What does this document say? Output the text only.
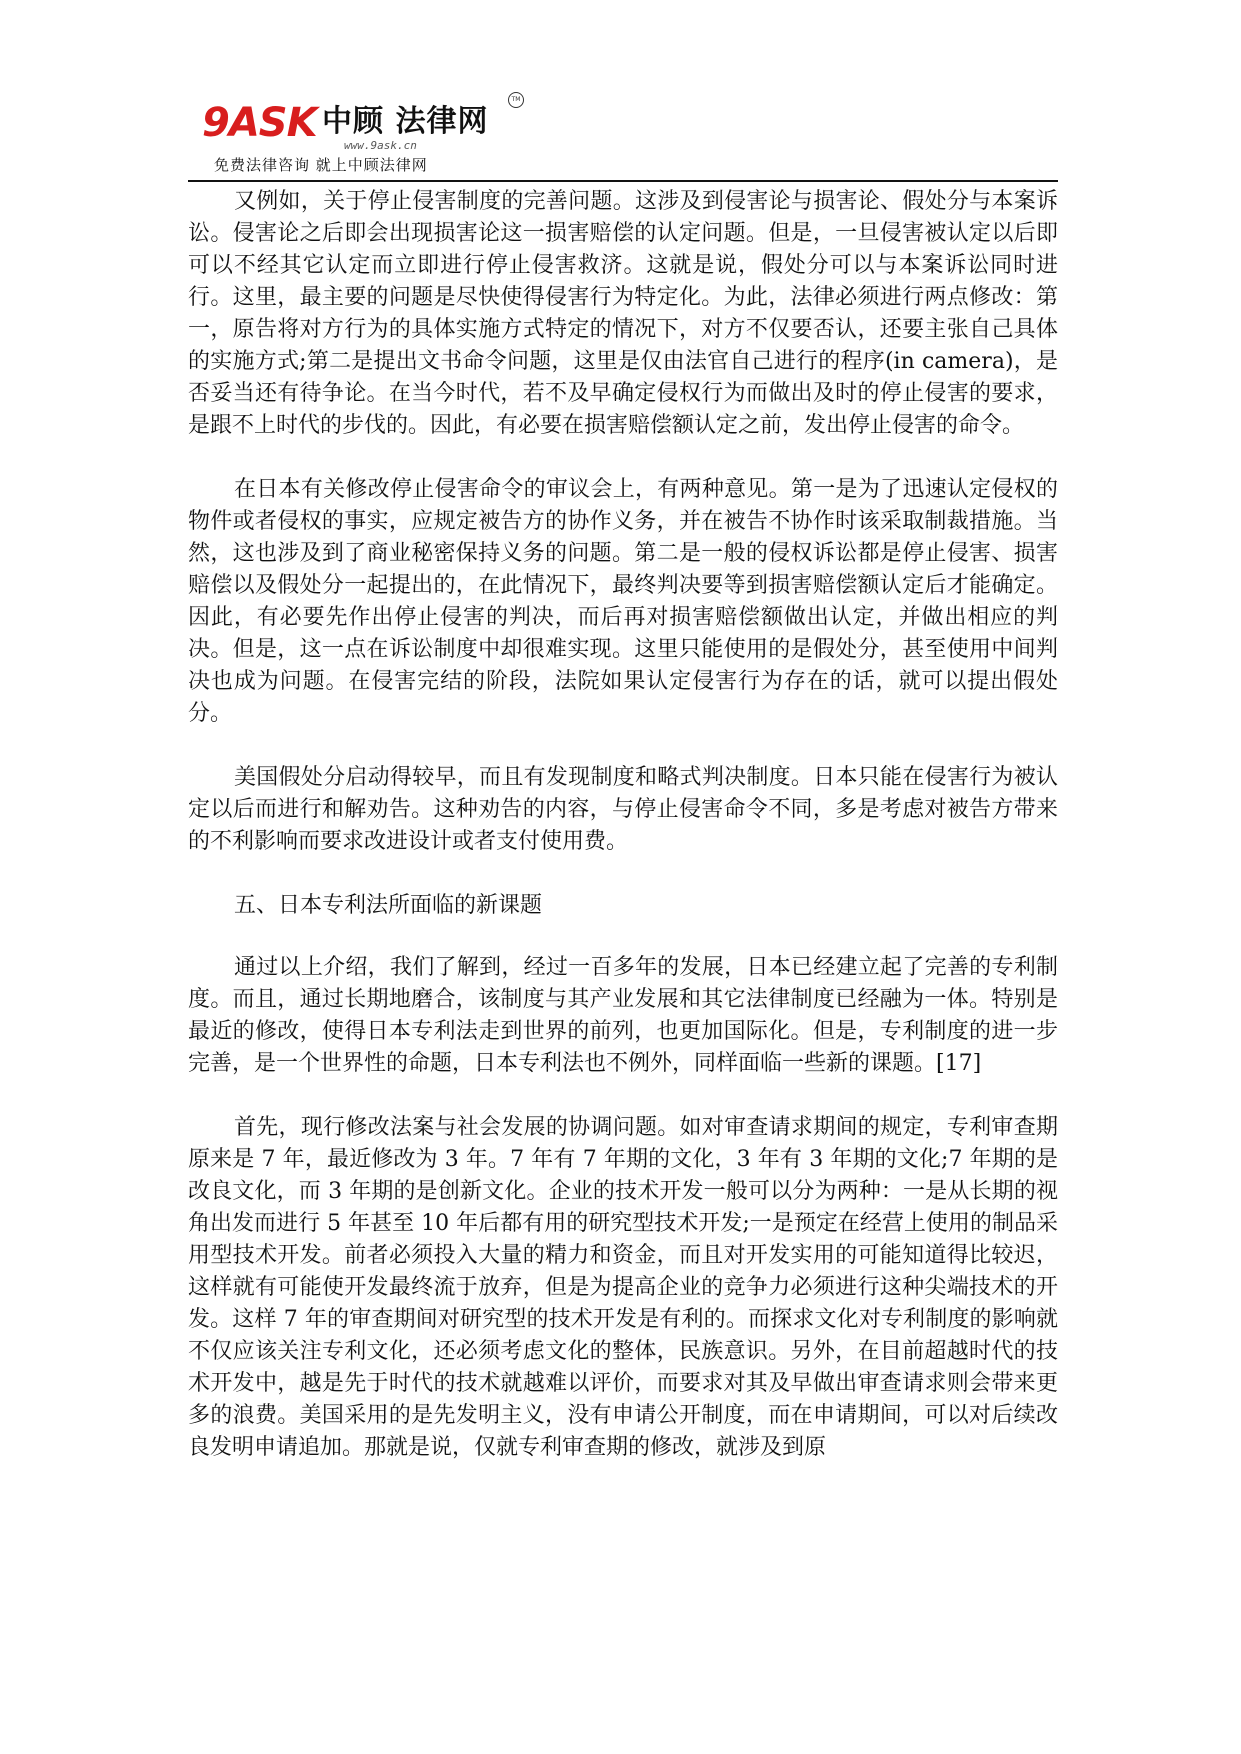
9ASK 中顾 法律网
TM
www.9ask.cn
免费法律咨询 就上中顾法律网

又例如，关于停止侵害制度的完善问题。这涉及到侵害论与损害论、假处分与本案诉讼。侵害论之后即会出现损害论这一损害赔偿的认定问题。但是，一旦侵害被认定以后即可以不经其它认定而立即进行停止侵害救济。这就是说，假处分可以与本案诉讼同时进行。这里，最主要的问题是尽快使得侵害行为特定化。为此，法律必须进行两点修改：第一，原告将对方行为的具体实施方式特定的情况下，对方不仅要否认，还要主张自己具体的实施方式;第二是提出文书命令问题，这里是仅由法官自己进行的程序(in camera)，是否妥当还有待争论。在当今时代，若不及早确定侵权行为而做出及时的停止侵害的要求，是跟不上时代的步伐的。因此，有必要在损害赔偿额认定之前，发出停止侵害的命令。

在日本有关修改停止侵害命令的审议会上，有两种意见。第一是为了迅速认定侵权的物件或者侵权的事实，应规定被告方的协作义务，并在被告不协作时该采取制裁措施。当然，这也涉及到了商业秘密保持义务的问题。第二是一般的侵权诉讼都是停止侵害、损害赔偿以及假处分一起提出的，在此情况下，最终判决要等到损害赔偿额认定后才能确定。因此，有必要先作出停止侵害的判决，而后再对损害赔偿额做出认定，并做出相应的判决。但是，这一点在诉讼制度中却很难实现。这里只能使用的是假处分，甚至使用中间判决也成为问题。在侵害完结的阶段，法院如果认定侵害行为存在的话，就可以提出假处分。

美国假处分启动得较早，而且有发现制度和略式判决制度。日本只能在侵害行为被认定以后而进行和解劝告。这种劝告的内容，与停止侵害命令不同，多是考虑对被告方带来的不利影响而要求改进设计或者支付使用费。

五、日本专利法所面临的新课题

通过以上介绍，我们了解到，经过一百多年的发展，日本已经建立起了完善的专利制度。而且，通过长期地磨合，该制度与其产业发展和其它法律制度已经融为一体。特别是最近的修改，使得日本专利法走到世界的前列，也更加国际化。但是，专利制度的进一步完善，是一个世界性的命题，日本专利法也不例外，同样面临一些新的课题。[17]

首先，现行修改法案与社会发展的协调问题。如对审查请求期间的规定，专利审查期原来是 7 年，最近修改为 3 年。7 年有 7 年期的文化，3 年有 3 年期的文化;7 年期的是改良文化，而 3 年期的是创新文化。企业的技术开发一般可以分为两种：一是从长期的视角出发而进行 5 年甚至 10 年后都有用的研究型技术开发;一是预定在经营上使用的制品采用型技术开发。前者必须投入大量的精力和资金，而且对开发实用的可能知道得比较迟，这样就有可能使开发最终流于放弃，但是为提高企业的竞争力必须进行这种尖端技术的开发。这样 7 年的审查期间对研究型的技术开发是有利的。而探求文化对专利制度的影响就不仅应该关注专利文化，还必须考虑文化的整体，民族意识。另外，在目前超越时代的技术开发中，越是先于时代的技术就越难以评价，而要求对其及早做出审查请求则会带来更多的浪费。美国采用的是先发明主义，没有申请公开制度，而在申请期间，可以对后续改良发明申请追加。那就是说，仅就专利审查期的修改，就涉及到原
